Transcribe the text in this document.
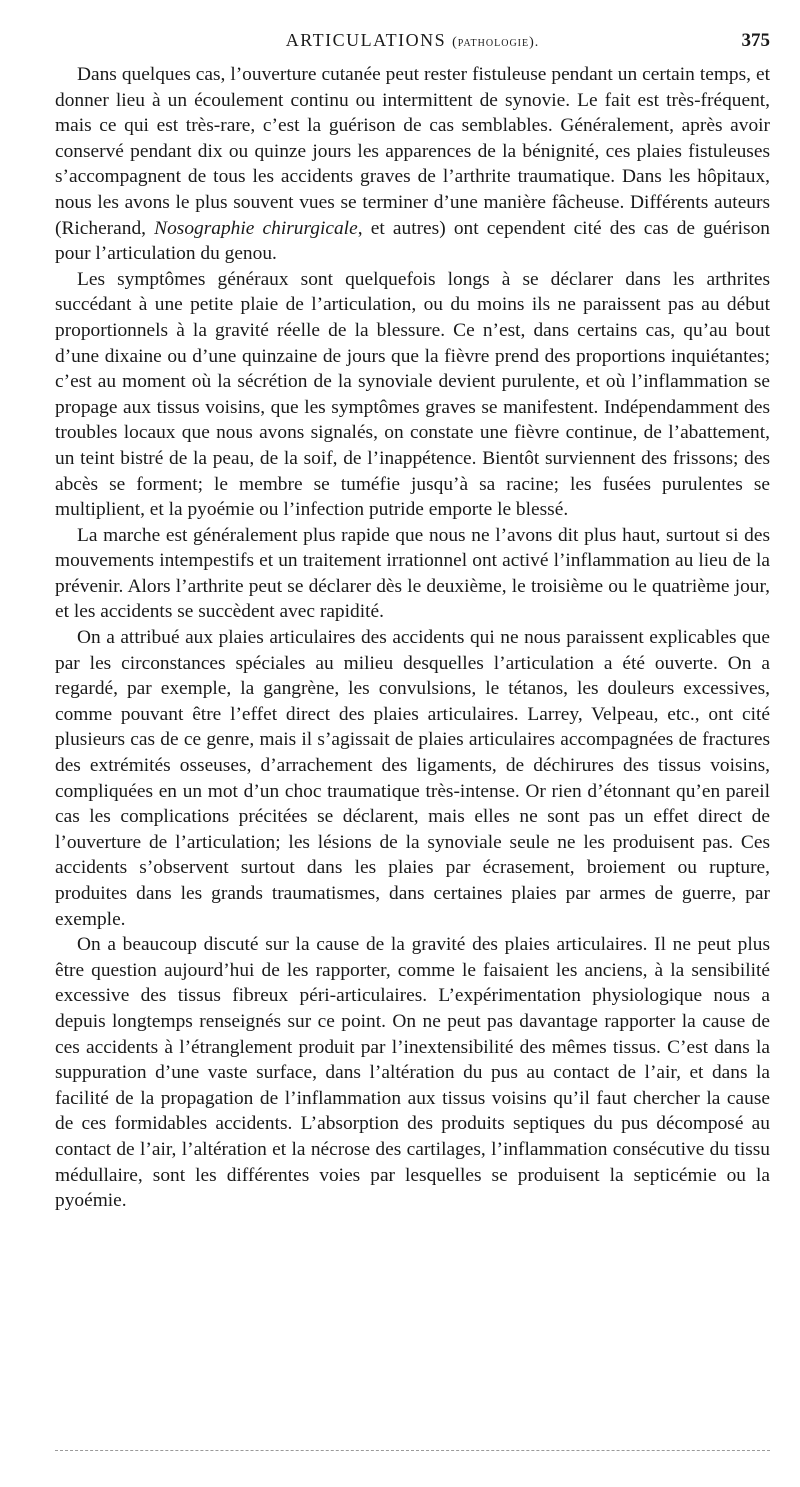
ARTICULATIONS (pathologie).	375

Dans quelques cas, l’ouverture cutanée peut rester fistuleuse pendant un certain temps, et donner lieu à un écoulement continu ou intermittent de synovie. Le fait est très-fréquent, mais ce qui est très-rare, c’est la guérison de cas semblables. Généralement, après avoir conservé pendant dix ou quinze jours les apparences de la bénignité, ces plaies fistuleuses s’accompagnent de tous les accidents graves de l’arthrite traumatique. Dans les hôpitaux, nous les avons le plus souvent vues se terminer d’une manière fâcheuse. Différents auteurs (Richerand, Nosographie chirurgicale, et autres) ont cependent cité des cas de guérison pour l’articulation du genou.

Les symptômes généraux sont quelquefois longs à se déclarer dans les arthrites succédant à une petite plaie de l’articulation, ou du moins ils ne paraissent pas au début proportionnels à la gravité réelle de la blessure. Ce n’est, dans certains cas, qu’au bout d’une dixaine ou d’une quinzaine de jours que la fièvre prend des proportions inquiétantes; c’est au moment où la sécrétion de la synoviale devient purulente, et où l’inflammation se propage aux tissus voisins, que les symptômes graves se manifestent. Indépendamment des troubles locaux que nous avons signalés, on constate une fièvre continue, de l’abattement, un teint bistré de la peau, de la soif, de l’inappétence. Bientôt surviennent des frissons; des abcès se forment; le membre se tuméfie jusqu’à sa racine; les fusées purulentes se multiplient, et la pyoémie ou l’infection putride emporte le blessé.

La marche est généralement plus rapide que nous ne l’avons dit plus haut, surtout si des mouvements intempestifs et un traitement irrationnel ont activé l’inflammation au lieu de la prévenir. Alors l’arthrite peut se déclarer dès le deuxième, le troisième ou le quatrième jour, et les accidents se succèdent avec rapidité.

On a attribué aux plaies articulaires des accidents qui ne nous paraissent explicables que par les circonstances spéciales au milieu desquelles l’articulation a été ouverte. On a regardé, par exemple, la gangrène, les convulsions, le tétanos, les douleurs excessives, comme pouvant être l’effet direct des plaies articulaires. Larrey, Velpeau, etc., ont cité plusieurs cas de ce genre, mais il s’agissait de plaies articulaires accompagnées de fractures des extrémités osseuses, d’arrachement des ligaments, de déchirures des tissus voisins, compliquées en un mot d’un choc traumatique très-intense. Or rien d’étonnant qu’en pareil cas les complications précitées se déclarent, mais elles ne sont pas un effet direct de l’ouverture de l’articulation; les lésions de la synoviale seule ne les produisent pas. Ces accidents s’observent surtout dans les plaies par écrasement, broiement ou rupture, produites dans les grands traumatismes, dans certaines plaies par armes de guerre, par exemple.

On a beaucoup discuté sur la cause de la gravité des plaies articulaires. Il ne peut plus être question aujourd’hui de les rapporter, comme le faisaient les anciens, à la sensibilité excessive des tissus fibreux péri-articulaires. L’expérimentation physiologique nous a depuis longtemps renseignés sur ce point. On ne peut pas davantage rapporter la cause de ces accidents à l’étranglement produit par l’inextensibilité des mêmes tissus. C’est dans la suppuration d’une vaste surface, dans l’altération du pus au contact de l’air, et dans la facilité de la propagation de l’inflammation aux tissus voisins qu’il faut chercher la cause de ces formidables accidents. L’absorption des produits septiques du pus décomposé au contact de l’air, l’altération et la nécrose des cartilages, l’inflammation consécutive du tissu médullaire, sont les différentes voies par lesquelles se produisent la septicémie ou la pyoémie.
